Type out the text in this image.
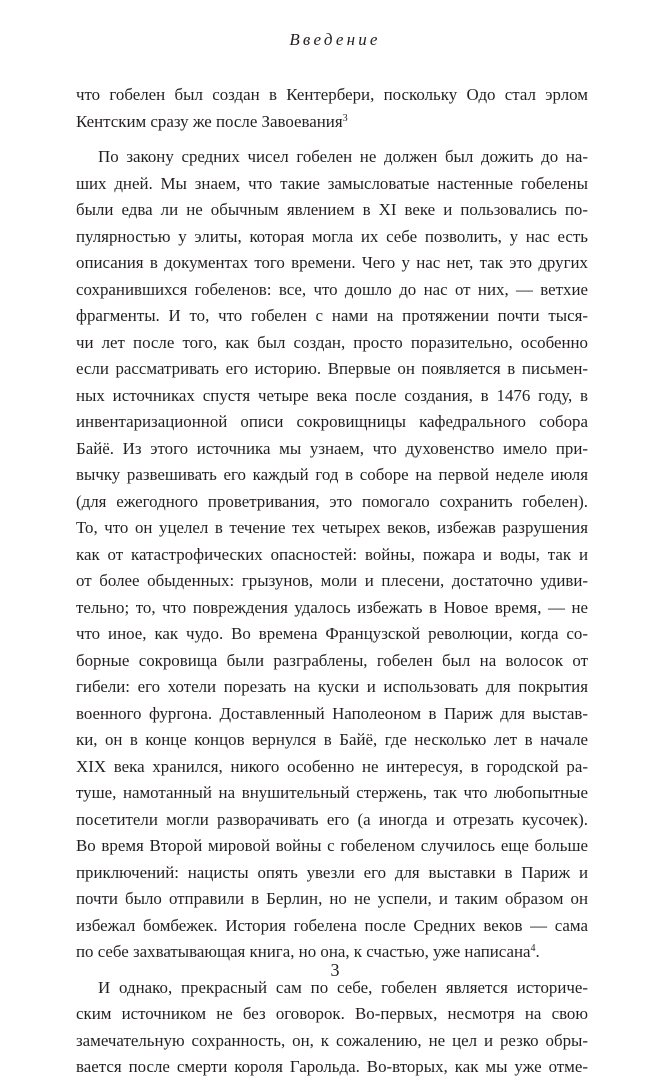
Введение

что гобелен был создан в Кентербери, поскольку Одо стал эрлом
Кентским сразу же после Завоевания$^3$

По закону средних чисел гобелен не должен был дожить до на-
ших дней. Мы знаем, что такие замысловатые настенные гобелены
были едва ли не обычным явлением в XI веке и пользовались по-
пулярностью у элиты, которая могла их себе позволить, у нас есть
описания в документах того времени. Чего у нас нет, так это других
сохранившихся гобеленов: все, что дошло до нас от них, — ветхие
фрагменты. И то, что гобелен с нами на протяжении почти тыся-
чи лет после того, как был создан, просто поразительно, особенно
если рассматривать его историю. Впервые он появляется в письмен-
ных источниках спустя четыре века после создания, в 1476 году, в
инвентаризационной описи сокровищницы кафедрального собора
Байё. Из этого источника мы узнаем, что духовенство имело при-
вычку развешивать его каждый год в соборе на первой неделе июля
(для ежегодного проветривания, это помогало сохранить гобелен).
То, что он уцелел в течение тех четырех веков, избежав разрушения
как от катастрофических опасностей: войны, пожара и воды, так и
от более обыденных: грызунов, моли и плесени, достаточно удиви-
тельно; то, что повреждения удалось избежать в Новое время, — не
что иное, как чудо. Во времена Французской революции, когда со-
борные сокровища были разграблены, гобелен был на волосок от
гибели: его хотели порезать на куски и использовать для покрытия
военного фургона. Доставленный Наполеоном в Париж для выстав-
ки, он в конце концов вернулся в Байё, где несколько лет в начале
XIX века хранился, никого особенно не интересуя, в городской ра-
туше, намотанный на внушительный стержень, так что любопытные
посетители могли разворачивать его (а иногда и отрезать кусочек).
Во время Второй мировой войны с гобеленом случилось еще больше
приключений: нацисты опять увезли его для выставки в Париж и
почти было отправили в Берлин, но не успели, и таким образом он
избежал бомбежек. История гобелена после Средних веков — сама
по себе захватывающая книга, но она, к счастью, уже написана$^4$.

И однако, прекрасный сам по себе, гобелен является историче-
ским источником не без оговорок. Во-первых, несмотря на свою
замечательную сохранность, он, к сожалению, не цел и резко обры-
вается после смерти короля Гарольда. Во-вторых, как мы уже отме-

3
